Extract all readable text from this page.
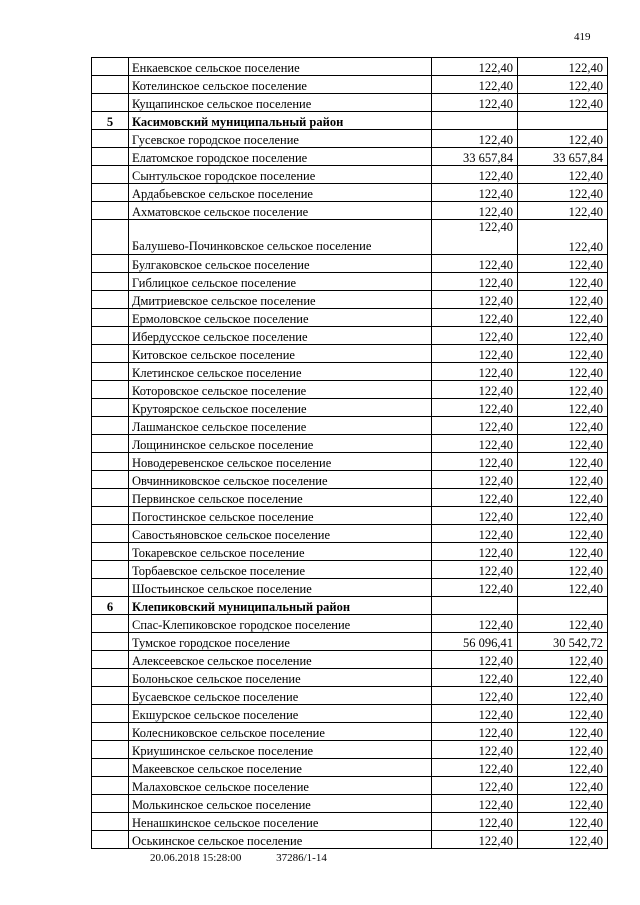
419
	Енкаевское сельское поселение	122,40	122,40
	Котелинское сельское поселение	122,40	122,40
	Кущапинское сельское поселение	122,40	122,40
5	Касимовский муниципальный район		
	Гусевское городское поселение	122,40	122,40
	Елатомское городское поселение	33 657,84	33 657,84
	Сынтульское городское поселение	122,40	122,40
	Ардабьевское сельское поселение	122,40	122,40
	Ахматовское сельское поселение	122,40	122,40
	Балушево-Починковское сельское поселение	122,40	122,40
	Булгаковское сельское поселение	122,40	122,40
	Гиблицкое сельское поселение	122,40	122,40
	Дмитриевское сельское поселение	122,40	122,40
	Ермоловское сельское поселение	122,40	122,40
	Ибердусское сельское поселение	122,40	122,40
	Китовское сельское поселение	122,40	122,40
	Клетинское сельское поселение	122,40	122,40
	Которовское сельское поселение	122,40	122,40
	Крутоярское сельское поселение	122,40	122,40
	Лашманское сельское поселение	122,40	122,40
	Лощининское сельское поселение	122,40	122,40
	Новодеревенское сельское поселение	122,40	122,40
	Овчинниковское сельское поселение	122,40	122,40
	Первинское сельское поселение	122,40	122,40
	Погостинское сельское поселение	122,40	122,40
	Савостьяновское сельское поселение	122,40	122,40
	Токаревское сельское поселение	122,40	122,40
	Торбаевское сельское поселение	122,40	122,40
	Шостьинское сельское поселение	122,40	122,40
6	Клепиковский муниципальный район		
	Спас-Клепиковское городское поселение	122,40	122,40
	Тумское городское поселение	56 096,41	30 542,72
	Алексеевское сельское поселение	122,40	122,40
	Болоньское сельское поселение	122,40	122,40
	Бусаевское сельское поселение	122,40	122,40
	Екшурское сельское поселение	122,40	122,40
	Колесниковское сельское поселение	122,40	122,40
	Криушинское сельское поселение	122,40	122,40
	Макеевское сельское поселение	122,40	122,40
	Малаховское сельское поселение	122,40	122,40
	Молькинское сельское поселение	122,40	122,40
	Ненашкинское сельское поселение	122,40	122,40
	Оськинское сельское поселение	122,40	122,40
20.06.2018 15:28:00	37286/1-14
